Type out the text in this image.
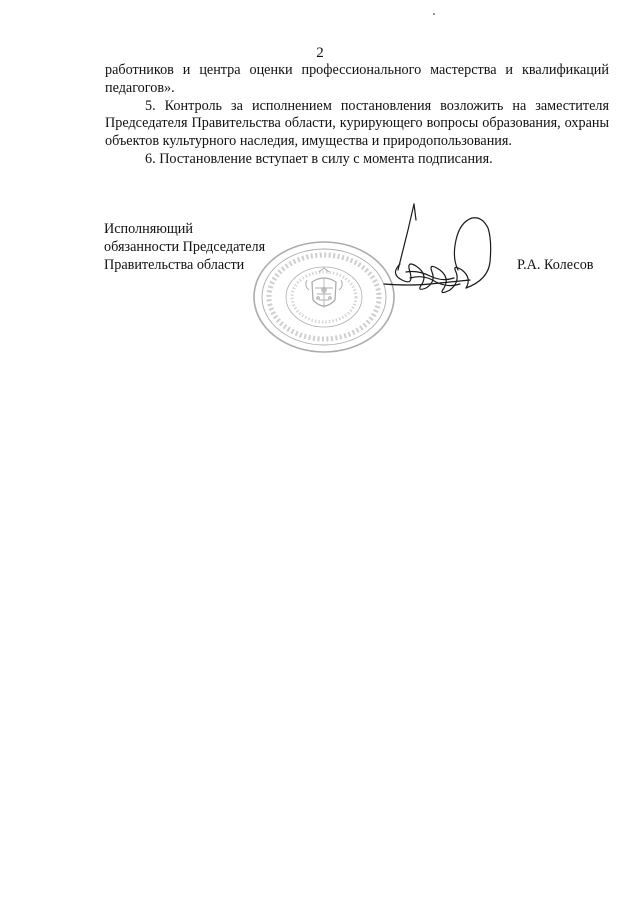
2

работников и центра оценки профессионального мастерства и квалификаций педагогов».

5. Контроль за исполнением постановления возложить на заместителя Председателя Правительства области, курирующего вопросы образования, охраны объектов культурного наследия, имущества и природопользования.

6. Постановление вступает в силу с момента подписания.

Исполняющий
обязанности Председателя
Правительства области	Р.А. Колесов
